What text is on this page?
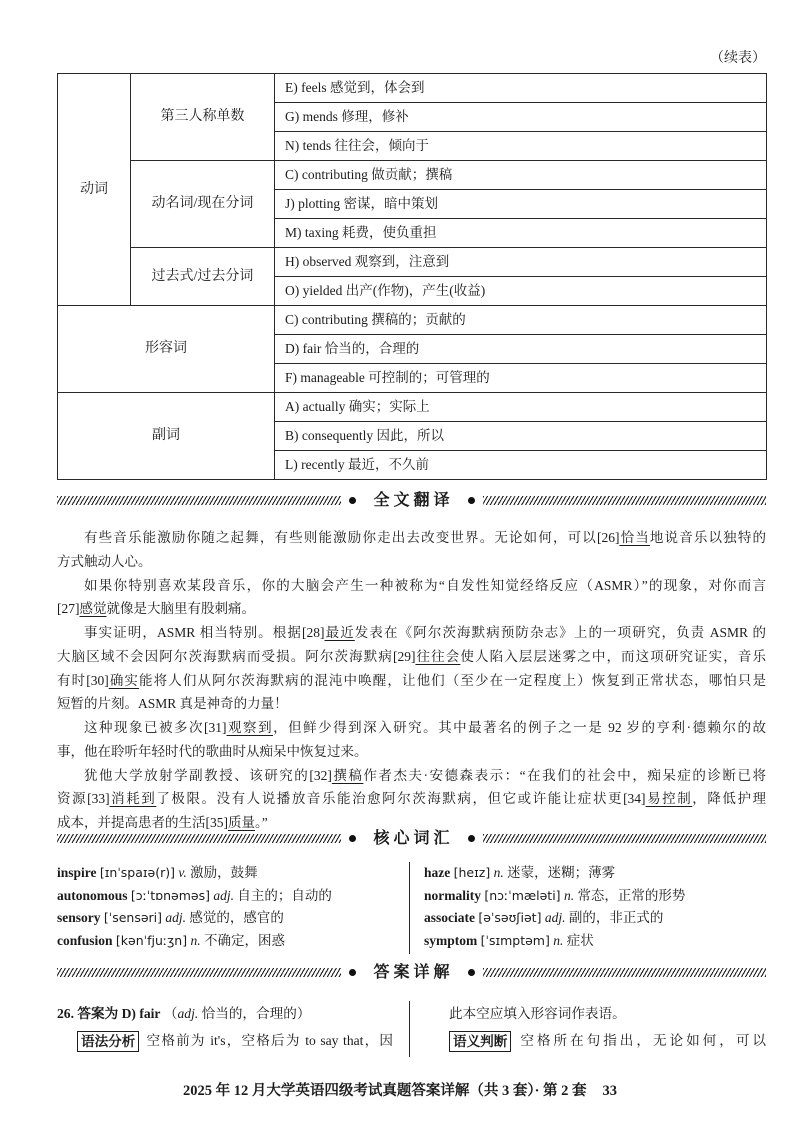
（续表）
动词	第三人称单数	E) feels 感觉到，体会到
		G) mends 修理，修补
		N) tends 往往会，倾向于
	动名词/现在分词	C) contributing 做贡献；撰稿
		J) plotting 密谋，暗中策划
		M) taxing 耗费，使负重担
	过去式/过去分词	H) observed 观察到，注意到
		O) yielded 出产(作物)，产生(收益)
形容词		C) contributing 撰稿的；贡献的
		D) fair 恰当的，合理的
		F) manageable 可控制的；可管理的
副词		A) actually 确实；实际上
		B) consequently 因此，所以
		L) recently 最近，不久前
全文翻译
有些音乐能激励你随之起舞，有些则能激励你走出去改变世界。无论如何，可以[26]恰当地说音乐以独特的
方式触动人心。
如果你特别喜欢某段音乐，你的大脑会产生一种被称为“自发性知觉经络反应（ASMR）”的现象，对你而言
[27]感觉就像是大脑里有股刺痛。
事实证明，ASMR 相当特别。根据[28]最近发表在《阿尔茨海默病预防杂志》上的一项研究，负责 ASMR 的
大脑区域不会因阿尔茨海默病而受损。阿尔茨海默病[29]往往会使人陷入层层迷雾之中，而这项研究证实，音乐
有时[30]确实能将人们从阿尔茨海默病的混沌中唤醒，让他们（至少在一定程度上）恢复到正常状态，哪怕只是
短暂的片刻。ASMR 真是神奇的力量！
这种现象已被多次[31]观察到，但鲜少得到深入研究。其中最著名的例子之一是 92 岁的亨利·德赖尔的故
事，他在聆听年轻时代的歌曲时从痴呆中恢复过来。
犹他大学放射学副教授、该研究的[32]撰稿作者杰夫·安德森表示：“在我们的社会中，痴呆症的诊断已将
资源[33]消耗到了极限。没有人说播放音乐能治愈阿尔茨海默病，但它或许能让症状更[34]易控制，降低护理
成本，并提高患者的生活[35]质量。”
核心词汇
inspire [ɪnˈspaɪə(r)] v. 激励，鼓舞
autonomous [ɔːˈtɒnəməs] adj. 自主的；自动的
sensory [ˈsensəri] adj. 感觉的，感官的
confusion [kənˈfjuːʒn] n. 不确定，困惑
haze [heɪz] n. 迷蒙，迷糊；薄雾
normality [nɔːˈmæləti] n. 常态，正常的形势
associate [əˈsəʊʃiət] adj. 副的，非正式的
symptom [ˈsɪmptəm] n. 症状
答案详解
26. 答案为 D) fair （adj. 恰当的，合理的）
语法分析 空格前为 it's，空格后为 to say that，因
此本空应填入形容词作表语。
语义判断 空格所在句指出，无论如何，可以
2025 年 12 月大学英语四级考试真题答案详解（共 3 套）· 第 2 套 33
